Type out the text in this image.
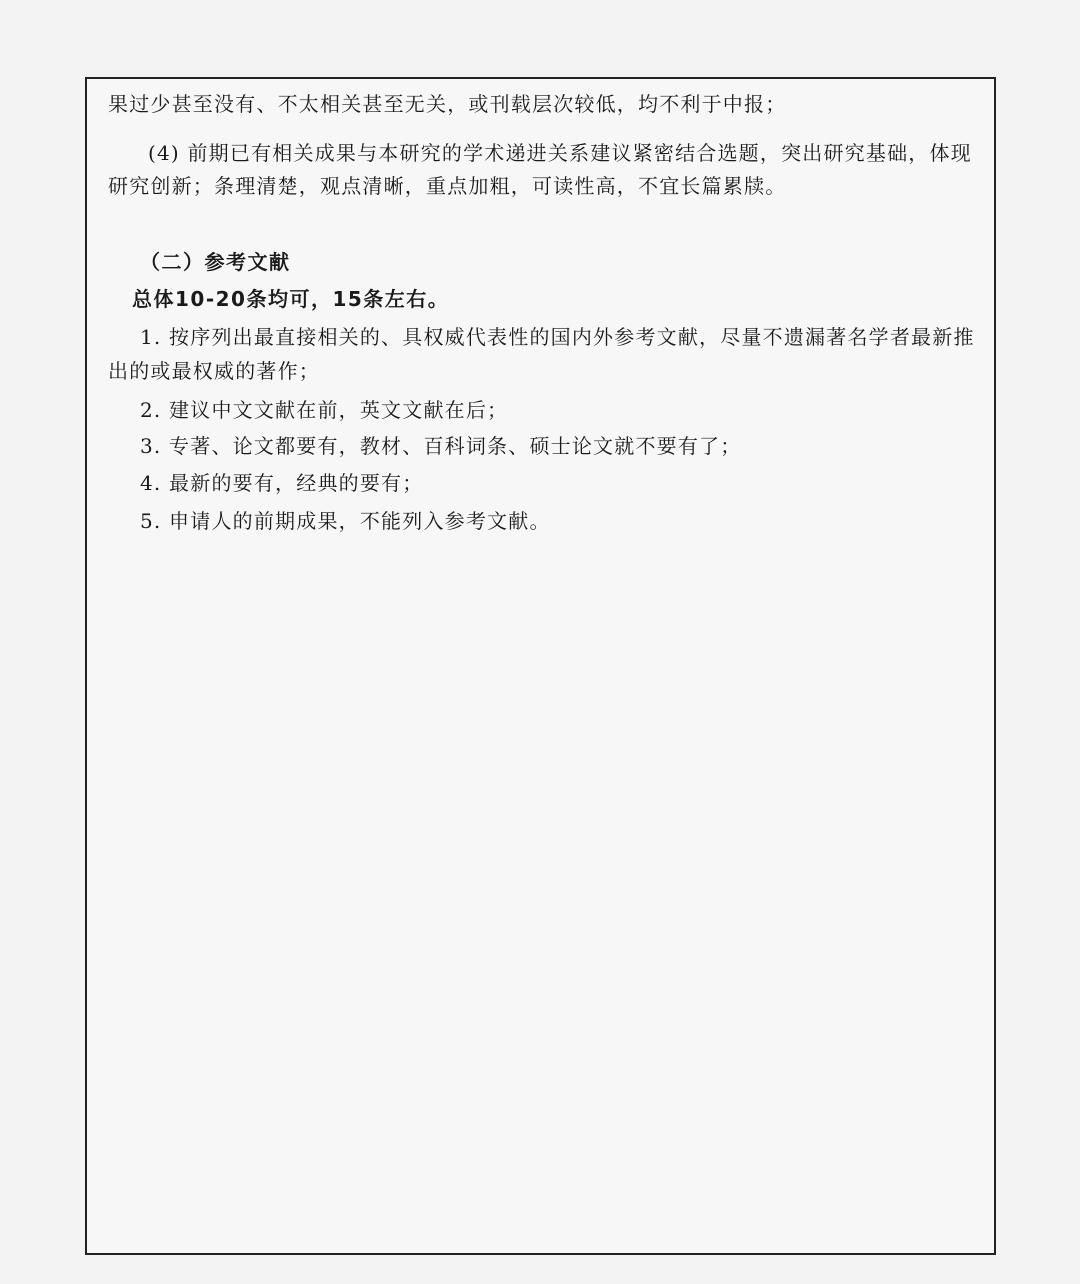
果过少甚至没有、不太相关甚至无关，或刊载层次较低，均不利于中报；
(4) 前期已有相关成果与本研究的学术递进关系建议紧密结合选题，突出研究基础，体现
研究创新；条理清楚，观点清晰，重点加粗，可读性高，不宜长篇累牍。
（二）参考文献
总体10-20条均可，15条左右。
1. 按序列出最直接相关的、具权威代表性的国内外参考文献，尽量不遗漏著名学者最新推
出的或最权威的著作；
2. 建议中文文献在前，英文文献在后；
3. 专著、论文都要有，教材、百科词条、硕士论文就不要有了；
4. 最新的要有，经典的要有；
5. 申请人的前期成果，不能列入参考文献。
